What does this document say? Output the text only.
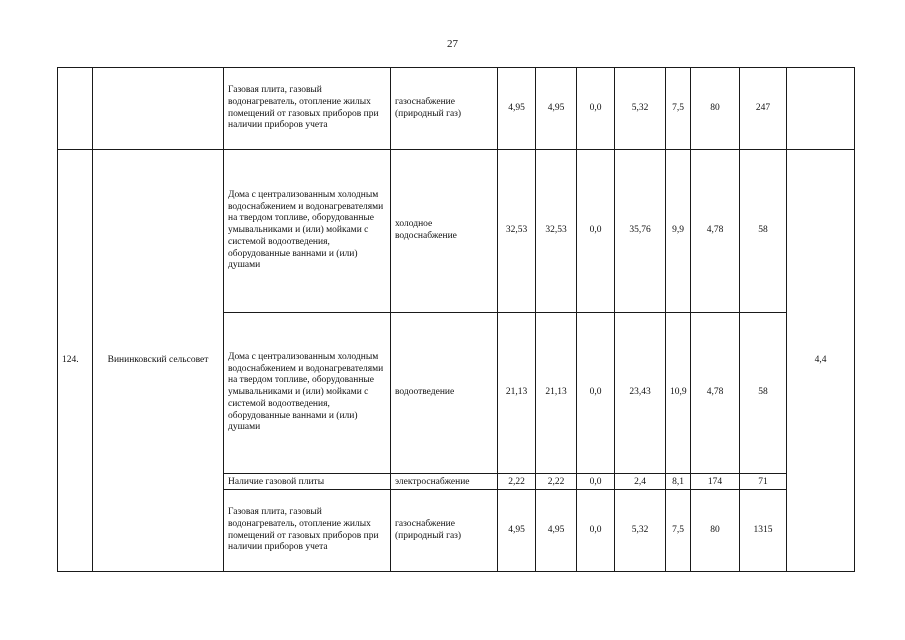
27
		Газовая плита, газовый водонагреватель, отопление жилых помещений от газовых приборов при наличии приборов учета	газоснабжение (природный газ)	4,95	4,95	0,0	5,32	7,5	80	247	
124.	Вининковский сельсовет	Дома с централизованным холодным водоснабжением и водонагревателями на твердом топливе, оборудованные умывальниками и (или) мойками с системой водоотведения, оборудованные ваннами и (или) душами	холодное водоснабжение	32,53	32,53	0,0	35,76	9,9	4,78	58	4,4
		Дома с централизованным холодным водоснабжением и водонагревателями на твердом топливе, оборудованные умывальниками и (или) мойками с системой водоотведения, оборудованные ваннами и (или) душами	водоотведение	21,13	21,13	0,0	23,43	10,9	4,78	58	
		Наличие газовой плиты	электроснабжение	2,22	2,22	0,0	2,4	8,1	174	71	
		Газовая плита, газовый водонагреватель, отопление жилых помещений от газовых приборов при наличии приборов учета	газоснабжение (природный газ)	4,95	4,95	0,0	5,32	7,5	80	1315	
